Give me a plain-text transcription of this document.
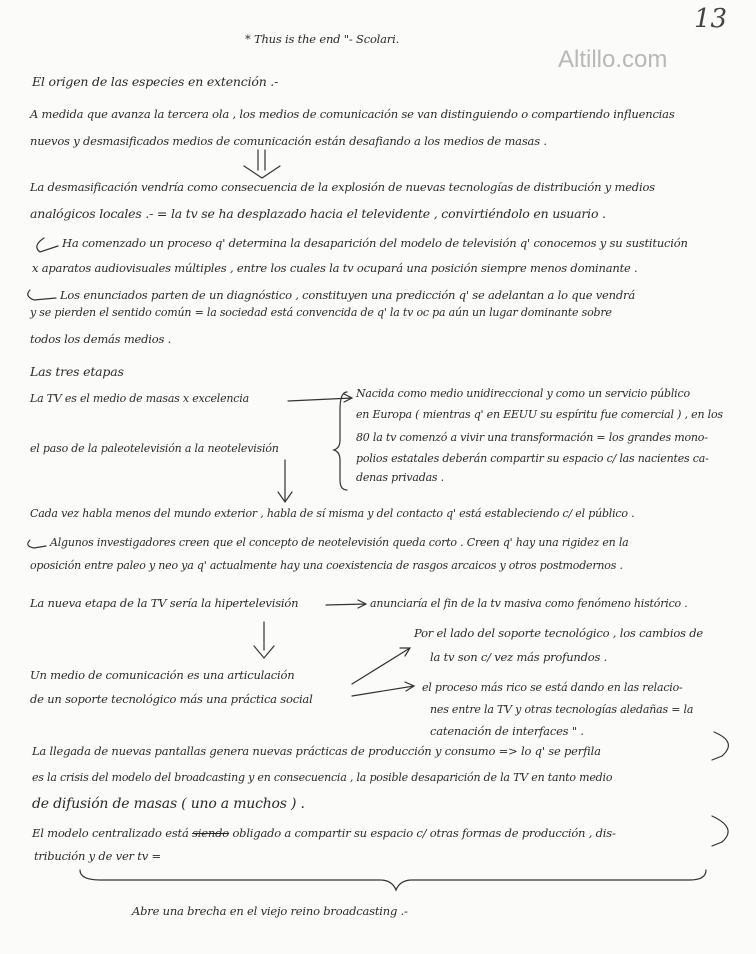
13
Altillo.com
* Thus is the end "- Scolari.
El origen de las especies en extención .-
A medida que avanza la tercera ola , los medios de comunicación se van distinguiendo o compartiendo influencias
nuevos y desmasificados medios de comunicación están desafiando a los medios de masas .
La desmasificación vendría como consecuencia de la explosión de nuevas tecnologías de distribución y medios
analógicos locales .- = la tv se ha desplazado hacia el televidente , convirtiéndolo en usuario .
Ha comenzado un proceso q' determina la desaparición del modelo de televisión q' conocemos y su sustitución
x aparatos audiovisuales múltiples , entre los cuales la tv ocupará una posición siempre menos dominante .
Los enunciados parten de un diagnóstico , constituyen una predicción q' se adelantan a lo que vendrá
y se pierden el sentido común = la sociedad está convencida de q' la tv oc pa aún un lugar dominante sobre
todos los demás medios .
Las tres etapas
La TV es el medio de masas x excelencia	Nacida como medio unidireccional y como un servicio público
en Europa ( mientras q' en EEUU su espíritu fue comercial ) , en los
el paso de la paleotelevisión a la neotelevisión
80 la tv comenzó a vivir una transformación = los grandes mono-
polios estatales deberán compartir su espacio c/ las nacientes ca-
denas privadas .
Cada vez habla menos del mundo exterior , habla de sí misma y del contacto q' está estableciendo c/ el público .
Algunos investigadores creen que el concepto de neotelevisión queda corto . Creen q' hay una rigidez en la
oposición entre paleo y neo ya q' actualmente hay una coexistencia de rasgos arcaicos y otros postmodernos .
La nueva etapa de la TV sería la hipertelevisión	anunciaría el fin de la tv masiva como fenómeno histórico .
Por el lado del soporte tecnológico , los cambios de
la tv son c/ vez más profundos .
Un medio de comunicación es una articulación
de un soporte tecnológico más una práctica social
el proceso más rico se está dando en las relacio-
nes entre la TV y otras tecnologías aledañas = la
catenación de interfaces " .
La llegada de nuevas pantallas genera nuevas prácticas de producción y consumo => lo q' se perfila
es la crisis del modelo del broadcasting y en consecuencia , la posible desaparición de la TV en tanto medio
de difusión de masas ( uno a muchos ) .
El modelo centralizado está siendo obligado a compartir su espacio c/ otras formas de producción , dis-
tribución y de ver tv =
Abre una brecha en el viejo reino broadcasting .-
